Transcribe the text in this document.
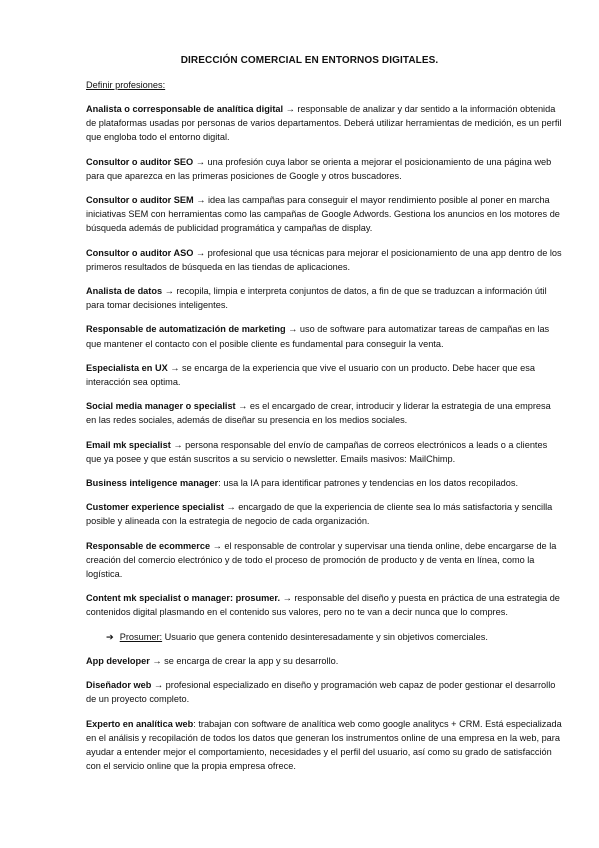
DIRECCIÓN COMERCIAL EN ENTORNOS DIGITALES.
Definir profesiones:
Analista o corresponsable de analítica digital → responsable de analizar y dar sentido a la información obtenida de plataformas usadas por personas de varios departamentos. Deberá utilizar herramientas de medición, es un perfil que engloba todo el entorno digital.
Consultor o auditor SEO → una profesión cuya labor se orienta a mejorar el posicionamiento de una página web para que aparezca en las primeras posiciones de Google y otros buscadores.
Consultor o auditor SEM → idea las campañas para conseguir el mayor rendimiento posible al poner en marcha iniciativas SEM con herramientas como las campañas de Google Adwords. Gestiona los anuncios en los motores de búsqueda además de publicidad programática y campañas de display.
Consultor o auditor ASO → profesional que usa técnicas para mejorar el posicionamiento de una app dentro de los primeros resultados de búsqueda en las tiendas de aplicaciones.
Analista de datos → recopila, limpia e interpreta conjuntos de datos, a fin de que se traduzcan a información útil para tomar decisiones inteligentes.
Responsable de automatización de marketing → uso de software para automatizar tareas de campañas en las que mantener el contacto con el posible cliente es fundamental para conseguir la venta.
Especialista en UX → se encarga de la experiencia que vive el usuario con un producto. Debe hacer que esa interacción sea optima.
Social media manager o specialist → es el encargado de crear, introducir y liderar la estrategia de una empresa en las redes sociales, además de diseñar su presencia en los medios sociales.
Email mk specialist → persona responsable del envío de campañas de correos electrónicos a leads o a clientes que ya posee y que están suscritos a su servicio o newsletter. Emails masivos: MailChimp.
Business inteligence manager: usa la IA para identificar patrones y tendencias en los datos recopilados.
Customer experience specialist → encargado de que la experiencia de cliente sea lo más satisfactoria y sencilla posible y alineada con la estrategia de negocio de cada organización.
Responsable de ecommerce → el responsable de controlar y supervisar una tienda online, debe encargarse de la creación del comercio electrónico y de todo el proceso de promoción de producto y de venta en línea, como la logística.
Content mk specialist o manager: prosumer. → responsable del diseño y puesta en práctica de una estrategia de contenidos digital plasmando en el contenido sus valores, pero no te van a decir nunca que lo compres.
➔ Prosumer: Usuario que genera contenido desinteresadamente y sin objetivos comerciales.
App developer → se encarga de crear la app y su desarrollo.
Diseñador web → profesional especializado en diseño y programación web capaz de poder gestionar el desarrollo de un proyecto completo.
Experto en analítica web: trabajan con software de analítica web como google analitycs + CRM. Está especializada en el análisis y recopilación de todos los datos que generan los instrumentos online de una empresa en la web, para ayudar a entender mejor el comportamiento, necesidades y el perfil del usuario, así como su grado de satisfacción con el servicio online que la propia empresa ofrece.
